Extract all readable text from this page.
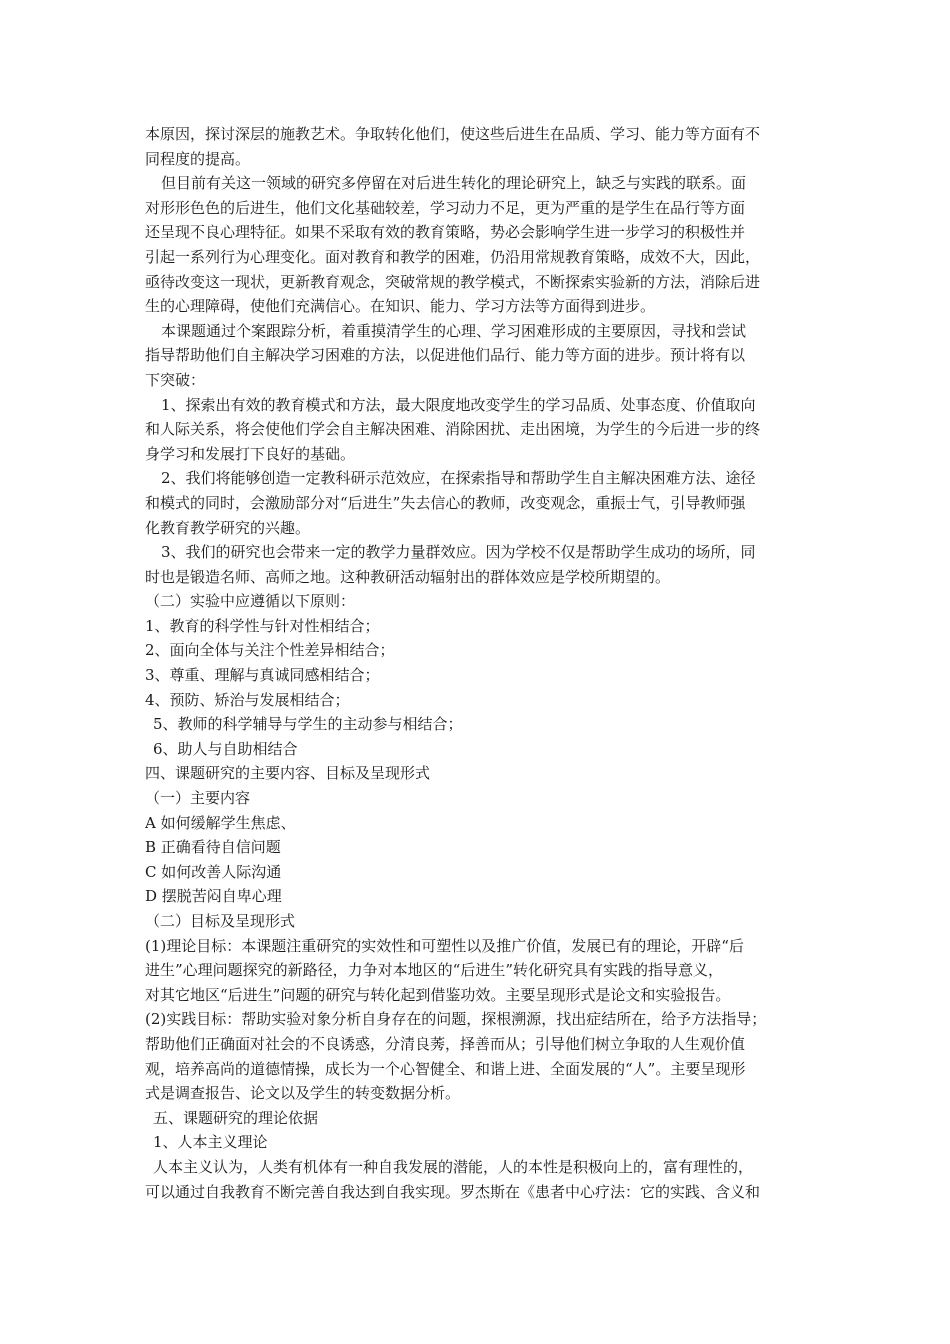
本原因，探讨深层的施教艺术。争取转化他们，使这些后进生在品质、学习、能力等方面有不
同程度的提高。
但目前有关这一领域的研究多停留在对后进生转化的理论研究上，缺乏与实践的联系。面
对形形色色的后进生，他们文化基础较差，学习动力不足，更为严重的是学生在品行等方面
还呈现不良心理特征。如果不采取有效的教育策略，势必会影响学生进一步学习的积极性并
引起一系列行为心理变化。面对教育和教学的困难，仍沿用常规教育策略，成效不大，因此，
亟待改变这一现状，更新教育观念，突破常规的教学模式，不断探索实验新的方法，消除后进
生的心理障碍，使他们充满信心。在知识、能力、学习方法等方面得到进步。
本课题通过个案跟踪分析，着重摸清学生的心理、学习困难形成的主要原因，寻找和尝试
指导帮助他们自主解决学习困难的方法，以促进他们品行、能力等方面的进步。预计将有以
下突破：
1、探索出有效的教育模式和方法，最大限度地改变学生的学习品质、处事态度、价值取向
和人际关系，将会使他们学会自主解决困难、消除困扰、走出困境，为学生的今后进一步的终
身学习和发展打下良好的基础。
2、我们将能够创造一定教科研示范效应，在探索指导和帮助学生自主解决困难方法、途径
和模式的同时，会激励部分对“后进生”失去信心的教师，改变观念，重振士气，引导教师强
化教育教学研究的兴趣。
3、我们的研究也会带来一定的教学力量群效应。因为学校不仅是帮助学生成功的场所，同
时也是锻造名师、高师之地。这种教研活动辐射出的群体效应是学校所期望的。
（二）实验中应遵循以下原则：
1、教育的科学性与针对性相结合；
2、面向全体与关注个性差异相结合；
3、尊重、理解与真诚同感相结合；
4、预防、矫治与发展相结合；
5、教师的科学辅导与学生的主动参与相结合；
6、助人与自助相结合
四、课题研究的主要内容、目标及呈现形式
（一）主要内容
A 如何缓解学生焦虑、
B 正确看待自信问题
C 如何改善人际沟通
D 摆脱苦闷自卑心理
（二）目标及呈现形式
(1)理论目标：本课题注重研究的实效性和可塑性以及推广价值，发展已有的理论，开辟“后
进生”心理问题探究的新路径，力争对本地区的“后进生”转化研究具有实践的指导意义，
对其它地区“后进生”问题的研究与转化起到借鉴功效。主要呈现形式是论文和实验报告。
(2)实践目标：帮助实验对象分析自身存在的问题，探根溯源，找出症结所在，给予方法指导；
帮助他们正确面对社会的不良诱惑，分清良莠，择善而从；引导他们树立争取的人生观价值
观，培养高尚的道德情操，成长为一个心智健全、和谐上进、全面发展的“人”。主要呈现形
式是调查报告、论文以及学生的转变数据分析。
五、课题研究的理论依据
1、人本主义理论
人本主义认为，人类有机体有一种自我发展的潜能，人的本性是积极向上的，富有理性的，
可以通过自我教育不断完善自我达到自我实现。罗杰斯在《患者中心疗法：它的实践、含义和
